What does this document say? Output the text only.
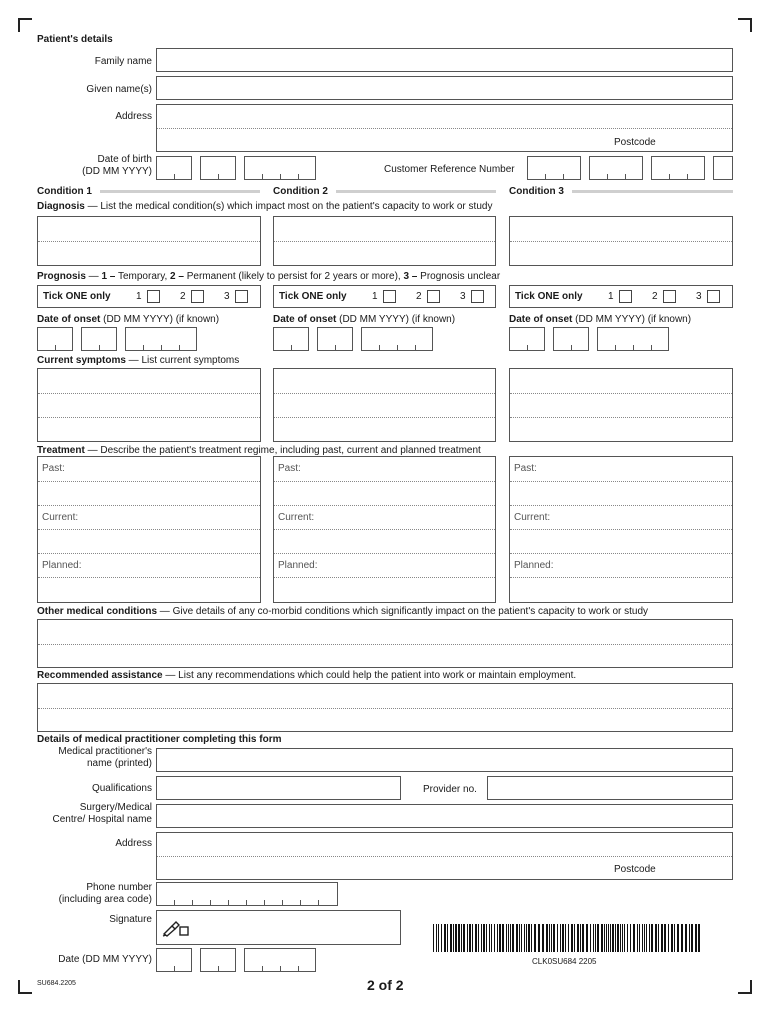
Patient's details
Family name
Given name(s)
Address
Postcode
Date of birth
(DD MM YYYY)	Customer Reference Number
Condition 1	Condition 2	Condition 3
Diagnosis — List the medical condition(s) which impact most on the patient's capacity to work or study
Prognosis — 1 – Temporary, 2 – Permanent (likely to persist for 2 years or more), 3 – Prognosis unclear
Tick ONE only	1	2	3	Tick ONE only	1	2	3	Tick ONE only	1	2	3
Date of onset (DD MM YYYY) (if known)	Date of onset (DD MM YYYY) (if known)	Date of onset (DD MM YYYY) (if known)
Current symptoms — List current symptoms
Treatment — Describe the patient's treatment regime, including past, current and planned treatment
Past:
Current:
Planned:
Past:
Current:
Planned:
Past:
Current:
Planned:
Other medical conditions — Give details of any co-morbid conditions which significantly impact on the patient's capacity to work or study
Recommended assistance — List any recommendations which could help the patient into work or maintain employment.
Details of medical practitioner completing this form
Medical practitioner's
name (printed)
Qualifications	Provider no.
Surgery/Medical
Centre/ Hospital name
Address
Postcode
Phone number
(including area code)
Signature
Date (DD MM YYYY)	CLK0SU684 2205
SU684.2205	2 of 2
